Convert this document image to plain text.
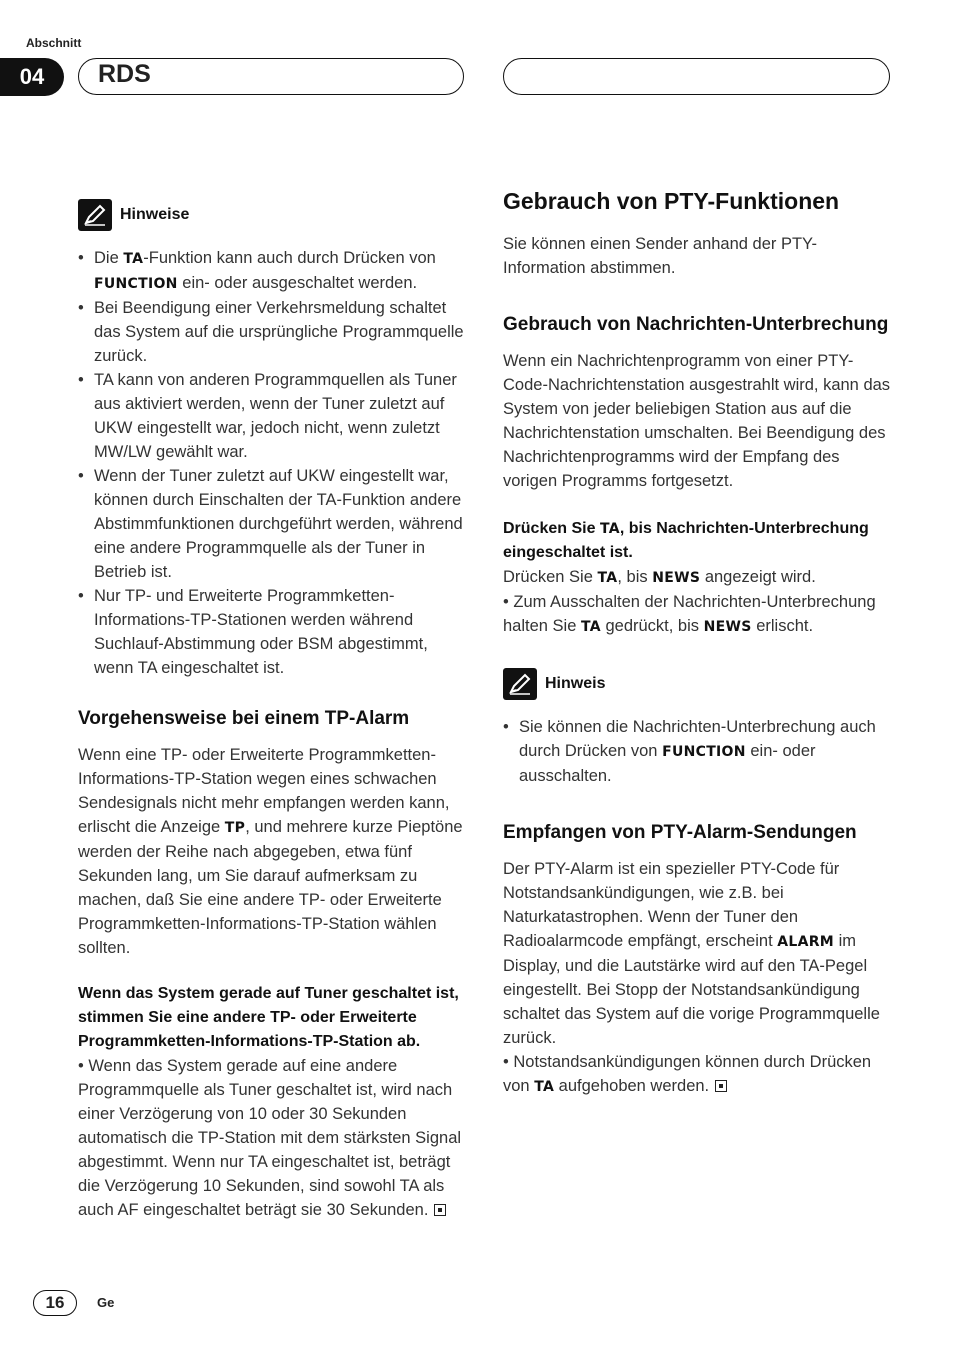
Abschnitt
04	RDS
Hinweise
• Die TA-Funktion kann auch durch Drücken von FUNCTION ein- oder ausgeschaltet werden.
• Bei Beendigung einer Verkehrsmeldung schaltet das System auf die ursprüngliche Programmquelle zurück.
• TA kann von anderen Programmquellen als Tuner aus aktiviert werden, wenn der Tuner zuletzt auf UKW eingestellt war, jedoch nicht, wenn zuletzt MW/LW gewählt war.
• Wenn der Tuner zuletzt auf UKW eingestellt war, können durch Einschalten der TA-Funktion andere Abstimmfunktionen durchgeführt werden, während eine andere Programmquelle als der Tuner in Betrieb ist.
• Nur TP- und Erweiterte Programmketten-Informations-TP-Stationen werden während Suchlauf-Abstimmung oder BSM abgestimmt, wenn TA eingeschaltet ist.
Vorgehensweise bei einem TP-Alarm

Wenn eine TP- oder Erweiterte Programmketten-Informations-TP-Station wegen eines schwachen Sendesignals nicht mehr empfangen werden kann, erlischt die Anzeige TP, und mehrere kurze Pieptöne werden der Reihe nach abgegeben, etwa fünf Sekunden lang, um Sie darauf aufmerksam zu machen, daß Sie eine andere TP- oder Erweiterte Programmketten-Informations-TP-Station wählen sollten.

Wenn das System gerade auf Tuner geschaltet ist, stimmen Sie eine andere TP- oder Erweiterte Programmketten-Informations-TP-Station ab.

• Wenn das System gerade auf eine andere Programmquelle als Tuner geschaltet ist, wird nach einer Verzögerung von 10 oder 30 Sekunden automatisch die TP-Station mit dem stärksten Signal abgestimmt. Wenn nur TA eingeschaltet ist, beträgt die Verzögerung 10 Sekunden, sind sowohl TA als auch AF eingeschaltet beträgt sie 30 Sekunden.

Gebrauch von PTY-Funktionen

Sie können einen Sender anhand der PTY-Information abstimmen.

Gebrauch von Nachrichten-Unterbrechung

Wenn ein Nachrichtenprogramm von einer PTY-Code-Nachrichtenstation ausgestrahlt wird, kann das System von jeder beliebigen Station aus auf die Nachrichtenstation umschalten. Bei Beendigung des Nachrichtenprogramms wird der Empfang des vorigen Programms fortgesetzt.

Drücken Sie TA, bis Nachrichten-Unterbrechung eingeschaltet ist.

Drücken Sie TA, bis NEWS angezeigt wird.
• Zum Ausschalten der Nachrichten-Unterbrechung halten Sie TA gedrückt, bis NEWS erlischt.

Hinweis
• Sie können die Nachrichten-Unterbrechung auch durch Drücken von FUNCTION ein- oder ausschalten.
Empfangen von PTY-Alarm-Sendungen

Der PTY-Alarm ist ein spezieller PTY-Code für Notstandsankündigungen, wie z.B. bei Naturkatastrophen. Wenn der Tuner den Radioalarmcode empfängt, erscheint ALARM im Display, und die Lautstärke wird auf den TA-Pegel eingestellt. Bei Stopp der Notstandsankündigung schaltet das System auf die vorige Programmquelle zurück.
• Notstandsankündigungen können durch Drücken von TA aufgehoben werden.

16	Ge
